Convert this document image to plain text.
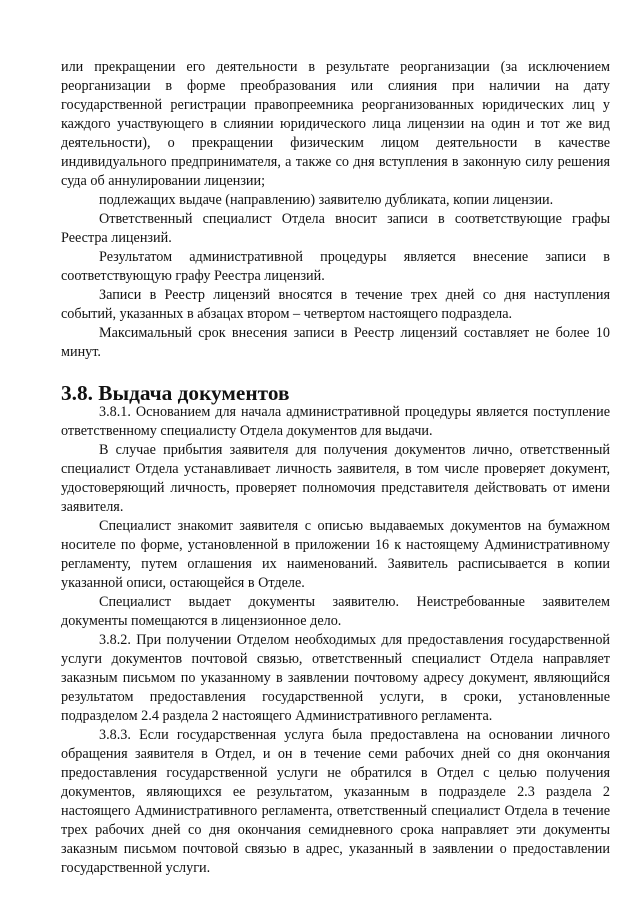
или прекращении его деятельности в результате реорганизации (за исключением реорганизации в форме преобразования или слияния при наличии на дату государственной регистрации правопреемника реорганизованных юридических лиц у каждого участвующего в слиянии юридического лица лицензии на один и тот же вид деятельности), о прекращении физическим лицом деятельности в качестве индивидуального предпринимателя, а также со дня вступления в законную силу решения суда об аннулировании лицензии;

подлежащих выдаче (направлению) заявителю дубликата, копии лицензии.

Ответственный специалист Отдела вносит записи в соответствующие графы Реестра лицензий.

Результатом административной процедуры является внесение записи в соответствующую графу Реестра лицензий.

Записи в Реестр лицензий вносятся в течение трех дней со дня наступления событий, указанных в абзацах втором – четвертом настоящего подраздела.

Максимальный срок внесения записи в Реестр лицензий составляет не более 10 минут.

3.8. Выдача документов

3.8.1. Основанием для начала административной процедуры является поступление ответственному специалисту Отдела документов для выдачи.

В случае прибытия заявителя для получения документов лично, ответственный специалист Отдела устанавливает личность заявителя, в том числе проверяет документ, удостоверяющий личность, проверяет полномочия представителя действовать от имени заявителя.

Специалист знакомит заявителя с описью выдаваемых документов на бумажном носителе по форме, установленной в приложении 16 к настоящему Административному регламенту, путем оглашения их наименований. Заявитель расписывается в копии указанной описи, остающейся в Отделе.

Специалист выдает документы заявителю. Неистребованные заявителем документы помещаются в лицензионное дело.

3.8.2. При получении Отделом необходимых для предоставления государственной услуги документов почтовой связью, ответственный специалист Отдела направляет заказным письмом по указанному в заявлении почтовому адресу документ, являющийся результатом предоставления государственной услуги, в сроки, установленные подразделом 2.4 раздела 2 настоящего Административного регламента.

3.8.3. Если государственная услуга была предоставлена на основании личного обращения заявителя в Отдел, и он в течение семи рабочих дней со дня окончания предоставления государственной услуги не обратился в Отдел с целью получения документов, являющихся ее результатом, указанным в подразделе 2.3 раздела 2 настоящего Административного регламента, ответственный специалист Отдела в течение трех рабочих дней со дня окончания семидневного срока направляет эти документы заказным письмом почтовой связью в адрес, указанный в заявлении о предоставлении государственной услуги.
